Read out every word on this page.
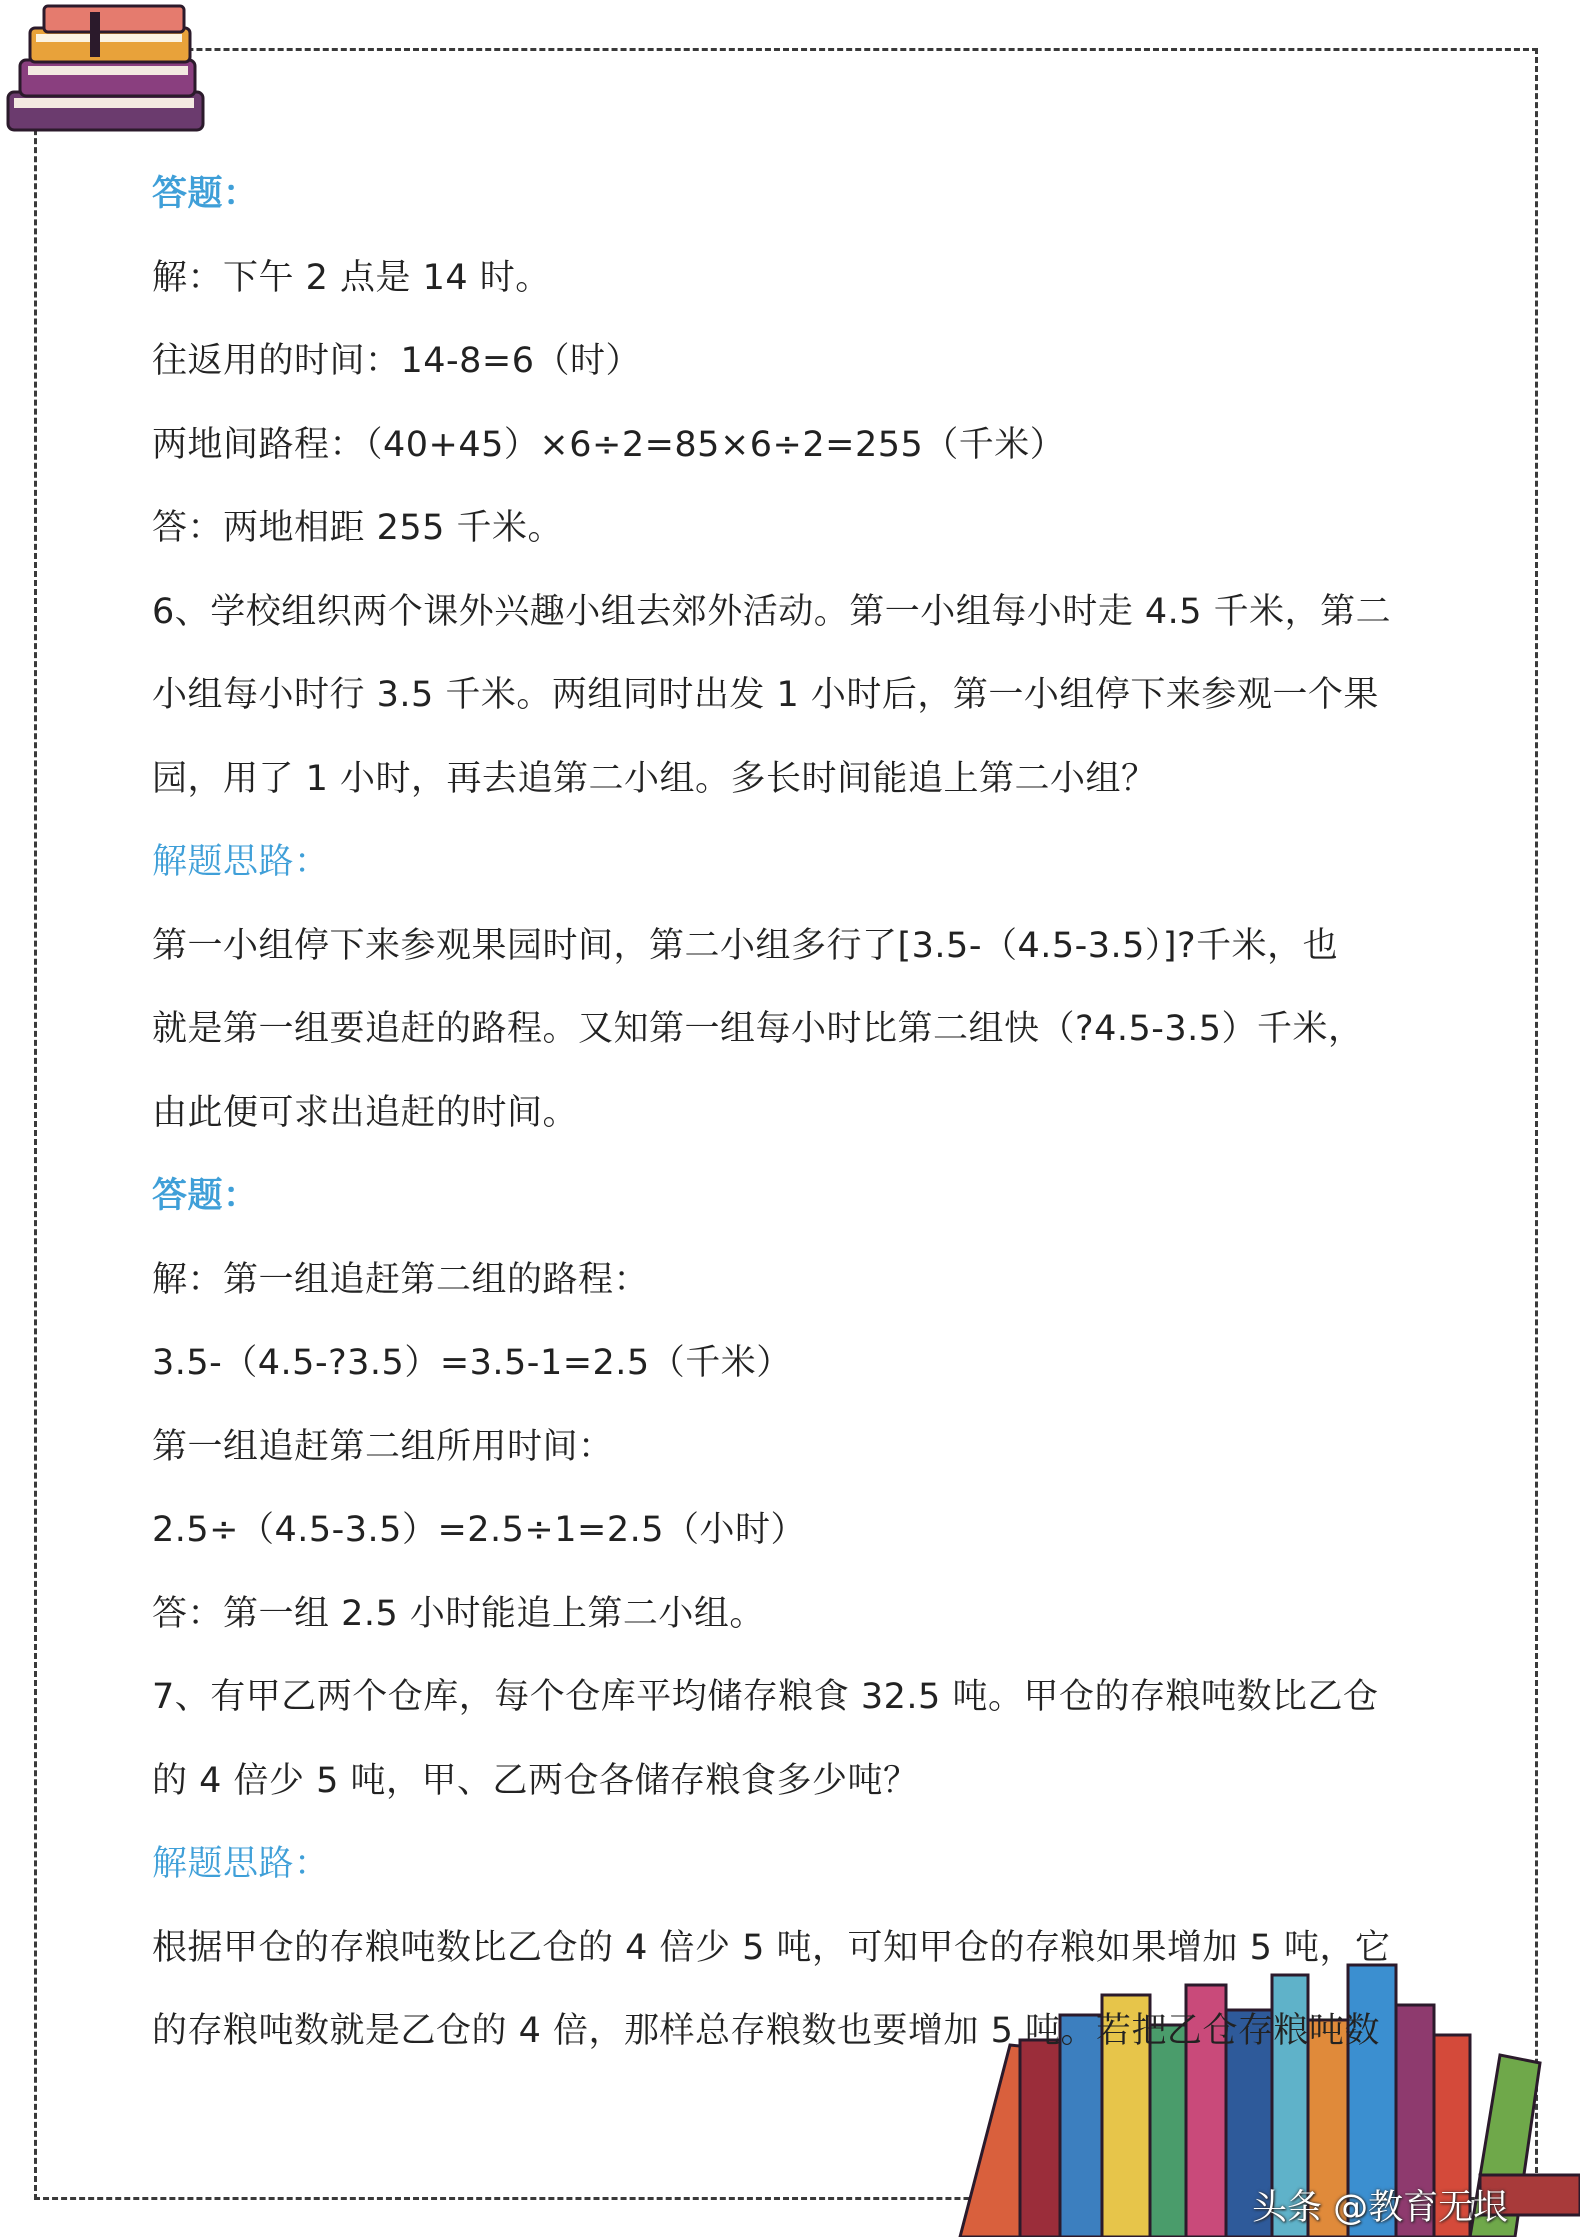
答题：
解：下午 2 点是 14 时。
往返用的时间：14-8=6（时）
两地间路程：（40+45）×6÷2=85×6÷2=255（千米）
答：两地相距 255 千米。
6、学校组织两个课外兴趣小组去郊外活动。第一小组每小时走 4.5 千米，第二
小组每小时行 3.5 千米。两组同时出发 1 小时后，第一小组停下来参观一个果
园，用了 1 小时，再去追第二小组。多长时间能追上第二小组？
解题思路：
第一小组停下来参观果园时间，第二小组多行了[3.5-（4.5-3.5）]?千米，也
就是第一组要追赶的路程。又知第一组每小时比第二组快（?4.5-3.5）千米，
由此便可求出追赶的时间。
答题：
解：第一组追赶第二组的路程：
3.5-（4.5-?3.5）=3.5-1=2.5（千米）
第一组追赶第二组所用时间：
2.5÷（4.5-3.5）=2.5÷1=2.5（小时）
答：第一组 2.5 小时能追上第二小组。
7、有甲乙两个仓库，每个仓库平均储存粮食 32.5 吨。甲仓的存粮吨数比乙仓
的 4 倍少 5 吨，甲、乙两仓各储存粮食多少吨？
解题思路：
根据甲仓的存粮吨数比乙仓的 4 倍少 5 吨，可知甲仓的存粮如果增加 5 吨，它
的存粮吨数就是乙仓的 4 倍，那样总存粮数也要增加 5 吨。若把乙仓存粮吨数
头条 @教育无垠
